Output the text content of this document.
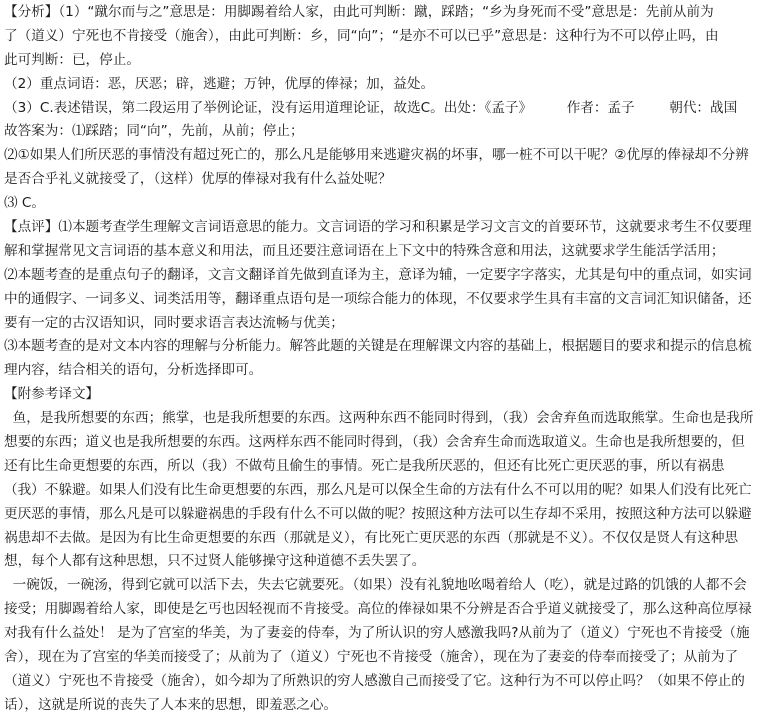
【分析】（1）“蹴尔而与之”意思是：用脚踢着给人家，由此可判断：蹴，踩踏；“乡为身死而不受”意思是：先前从前为
了（道义）宁死也不肯接受（施舍），由此可判断：乡，同“向”；“是亦不可以已乎”意思是：这种行为不可以停止吗，由
此可判断：已，停止。
（2）重点词语：恶，厌恶；辟，逃避；万钟，优厚的俸禄；加，益处。
（3）C.表述错误，第二段运用了举例论证，没有运用道理论证，故选C。出处：《孟子》        作者：孟子        朝代：战国
故答案为：⑴踩踏；同“向”，先前，从前；停止；
⑵①如果人们所厌恶的事情没有超过死亡的，那么凡是能够用来逃避灾祸的坏事，哪一桩不可以干呢？②优厚的俸禄却不分辨
是否合乎礼义就接受了，（这样）优厚的俸禄对我有什么益处呢？
⑶ C。
【点评】⑴本题考查学生理解文言词语意思的能力。文言词语的学习和积累是学习文言文的首要环节，这就要求考生不仅要理
解和掌握常见文言词语的基本意义和用法，而且还要注意词语在上下文中的特殊含意和用法，这就要求学生能活学活用；
⑵本题考查的是重点句子的翻译，文言文翻译首先做到直译为主，意译为辅，一定要字字落实，尤其是句中的重点词，如实词
中的通假字、一词多义、词类活用等，翻译重点语句是一项综合能力的体现，不仅要求学生具有丰富的文言词汇知识储备，还
要有一定的古汉语知识，同时要求语言表达流畅与优美；
⑶本题考查的是对文本内容的理解与分析能力。解答此题的关键是在理解课文内容的基础上，根据题目的要求和提示的信息梳
理内容，结合相关的语句，分析选择即可。
【附参考译文】
鱼，是我所想要的东西；熊掌，也是我所想要的东西。这两种东西不能同时得到，（我）会舍弃鱼而选取熊掌。生命也是我所
想要的东西；道义也是我所想要的东西。这两样东西不能同时得到，（我）会舍弃生命而选取道义。生命也是我所想要的，但
还有比生命更想要的东西，所以（我）不做苟且偷生的事情。死亡是我所厌恶的，但还有比死亡更厌恶的事，所以有祸患
（我）不躲避。如果人们没有比生命更想要的东西，那么凡是可以保全生命的方法有什么不可以用的呢？如果人们没有比死亡
更厌恶的事情，那么凡是可以躲避祸患的手段有什么不可以做的呢？按照这种方法可以生存却不采用，按照这种方法可以躲避
祸患却不去做。是因为有比生命更想要的东西（那就是义），有比死亡更厌恶的东西（那就是不义）。不仅仅是贤人有这种思
想，每个人都有这种思想，只不过贤人能够操守这种道德不丢失罢了。
一碗饭，一碗汤，得到它就可以活下去，失去它就要死。（如果）没有礼貌地吆喝着给人（吃），就是过路的饥饿的人都不会
接受；用脚踢着给人家，即使是乞丐也因轻视而不肯接受。高位的俸禄如果不分辨是否合乎道义就接受了，那么这种高位厚禄
对我有什么益处！ 是为了宫室的华美，为了妻妾的侍奉，为了所认识的穷人感激我吗?从前为了（道义）宁死也不肯接受（施
舍），现在为了宫室的华美而接受了；从前为了（道义）宁死也不肯接受（施舍），现在为了妻妾的侍奉而接受了；从前为了
（道义）宁死也不肯接受（施舍），如今却为了所熟识的穷人感激自己而接受了它。这种行为不可以停止吗？（如果不停止的
话），这就是所说的丧失了人本来的思想，即羞恶之心。
